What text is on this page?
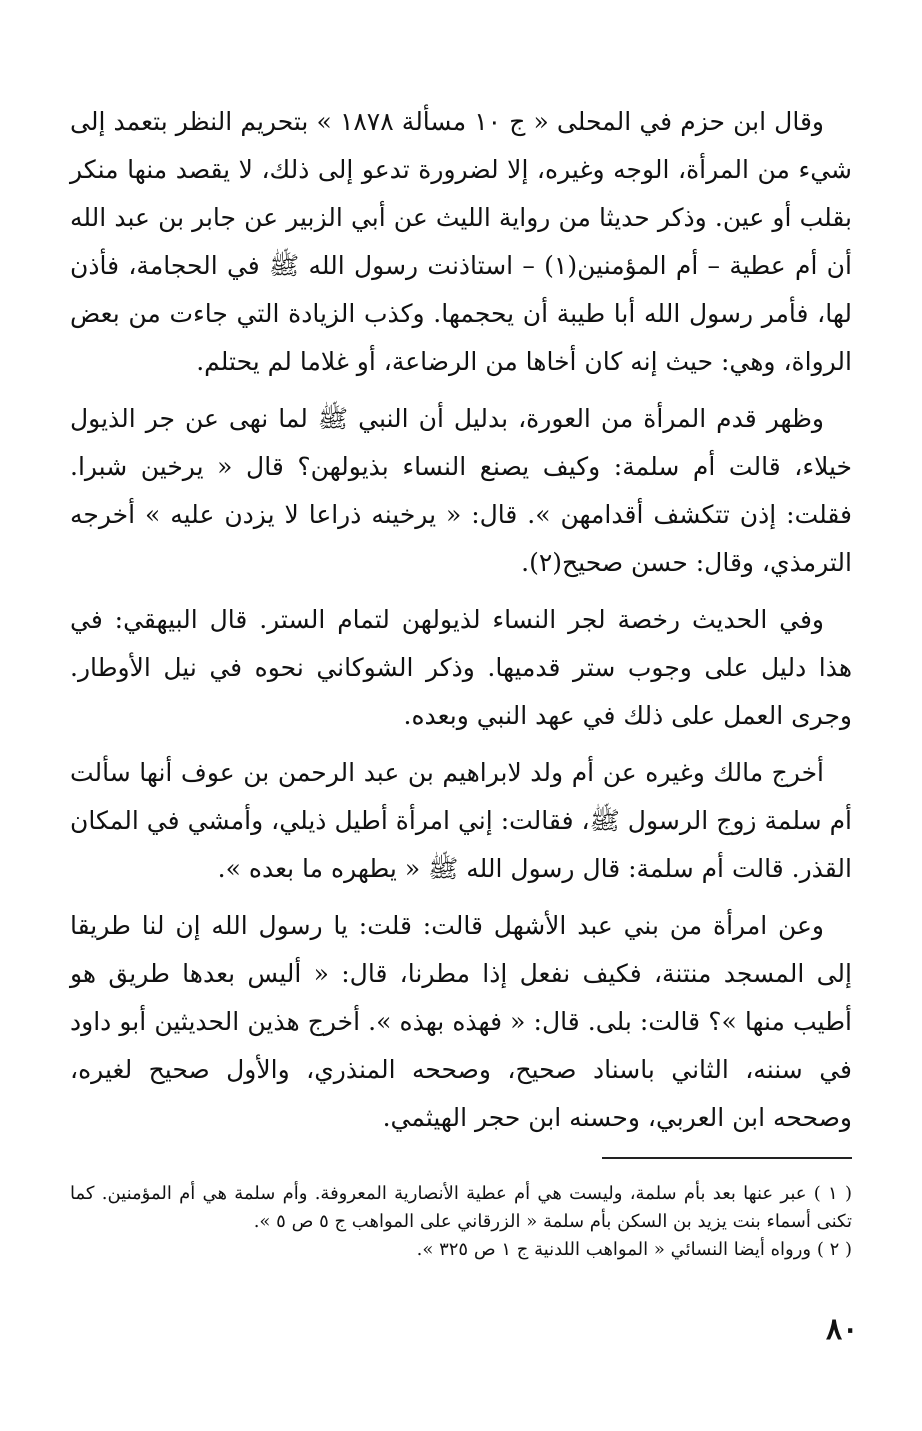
وقال ابن حزم في المحلى « ج ١٠ مسألة ١٨٧٨ » بتحريم النظر بتعمد إلى شيء من المرأة، الوجه وغيره، إلا لضرورة تدعو إلى ذلك، لا يقصد منها منكر بقلب أو عين. وذكر حديثا من رواية الليث عن أبي الزبير عن جابر بن عبد الله أن أم عطية – أم المؤمنين(١) – استاذنت رسول الله ﷺ في الحجامة، فأذن لها، فأمر رسول الله أبا طيبة أن يحجمها. وكذب الزيادة التي جاءت من بعض الرواة، وهي: حيث إنه كان أخاها من الرضاعة، أو غلاما لم يحتلم.

وظهر قدم المرأة من العورة، بدليل أن النبي ﷺ لما نهى عن جر الذيول خيلاء، قالت أم سلمة: وكيف يصنع النساء بذيولهن؟ قال « يرخين شبرا. فقلت: إذن تتكشف أقدامهن ». قال: « يرخينه ذراعا لا يزدن عليه » أخرجه الترمذي، وقال: حسن صحيح(٢).

وفي الحديث رخصة لجر النساء لذيولهن لتمام الستر. قال البيهقي: في هذا دليل على وجوب ستر قدميها. وذكر الشوكاني نحوه في نيل الأوطار. وجرى العمل على ذلك في عهد النبي وبعده.

أخرج مالك وغيره عن أم ولد لابراهيم بن عبد الرحمن بن عوف أنها سألت أم سلمة زوج الرسول ﷺ، فقالت: إني امرأة أطيل ذيلي، وأمشي في المكان القذر. قالت أم سلمة: قال رسول الله ﷺ « يطهره ما بعده ».

وعن امرأة من بني عبد الأشهل قالت: قلت: يا رسول الله إن لنا طريقا إلى المسجد منتنة، فكيف نفعل إذا مطرنا، قال: « أليس بعدها طريق هو أطيب منها »؟ قالت: بلى. قال: « فهذه بهذه ». أخرج هذين الحديثين أبو داود في سننه، الثاني باسناد صحيح، وصححه المنذري، والأول صحيح لغيره، وصححه ابن العربي، وحسنه ابن حجر الهيثمي.

( ١ ) عبر عنها بعد بأم سلمة، وليست هي أم عطية الأنصارية المعروفة. وأم سلمة هي أم المؤمنين. كما تكنى أسماء بنت يزيد بن السكن بأم سلمة « الزرقاني على المواهب ج ٥ ص ٥ ».

( ٢ ) ورواه أيضا النسائي « المواهب اللدنية ج ١ ص ٣٢٥ ».

٨٠
